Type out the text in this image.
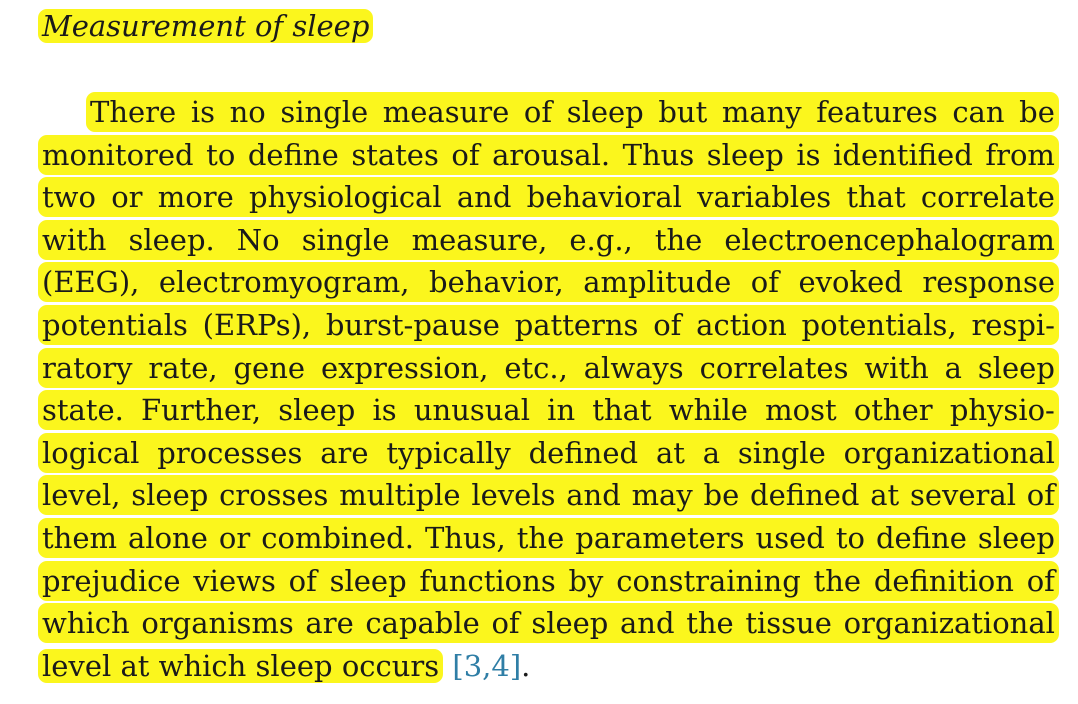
Measurement of sleep
There is no single measure of sleep but many features can be
monitored to define states of arousal. Thus sleep is identified from
two or more physiological and behavioral variables that correlate
with sleep. No single measure, e.g., the electroencephalogram
(EEG), electromyogram, behavior, amplitude of evoked response
potentials (ERPs), burst-pause patterns of action potentials, respi-
ratory rate, gene expression, etc., always correlates with a sleep
state. Further, sleep is unusual in that while most other physio-
logical processes are typically defined at a single organizational
level, sleep crosses multiple levels and may be defined at several of
them alone or combined. Thus, the parameters used to define sleep
prejudice views of sleep functions by constraining the definition of
which organisms are capable of sleep and the tissue organizational
level at which sleep occurs [3,4].
